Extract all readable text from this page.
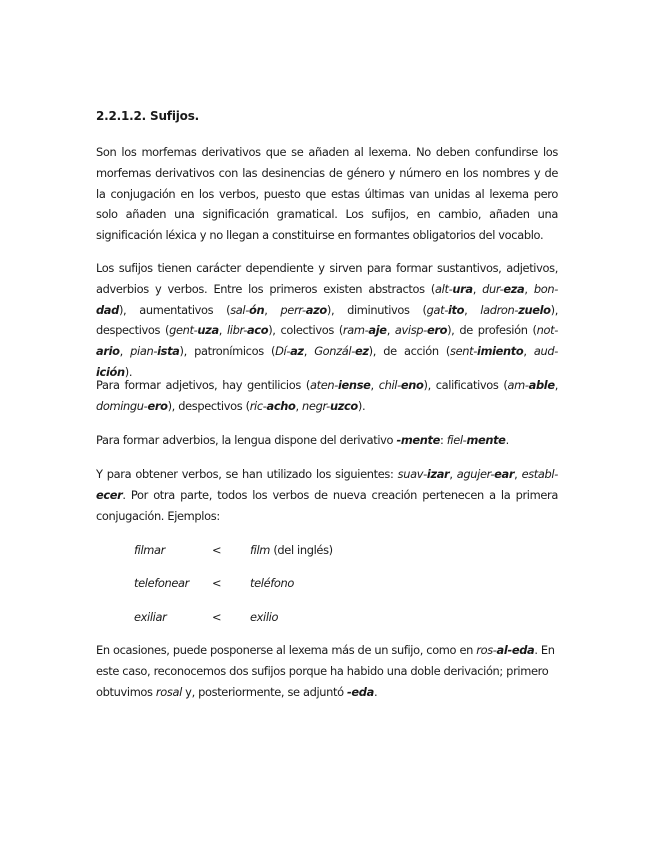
2.2.1.2. Sufijos.

Son los morfemas derivativos que se añaden al lexema. No deben confundirse los morfemas derivativos con las desinencias de género y número en los nombres y de la conjugación en los verbos, puesto que estas últimas van unidas al lexema pero solo añaden una significación gramatical. Los sufijos, en cambio, añaden una significación léxica y no llegan a constituirse en formantes obligatorios del vocablo.

Los sufijos tienen carácter dependiente y sirven para formar sustantivos, adjetivos, adverbios y verbos. Entre los primeros existen abstractos (alt-ura, dur-eza, bon-dad), aumentativos (sal-ón, perr-azo), diminutivos (gat-ito, ladron-zuelo), despectivos (gent-uza, libr-aco), colectivos (ram-aje, avisp-ero), de profesión (not-ario, pian-ista), patronímicos (Dí-az, Gonzál-ez), de acción (sent-imiento, aud-ición).

Para formar adjetivos, hay gentilicios (aten-iense, chil-eno), calificativos (am-able, domingu-ero), despectivos (ric-acho, negr-uzco).

Para formar adverbios, la lengua dispone del derivativo -mente: fiel-mente.

Y para obtener verbos, se han utilizado los siguientes: suav-izar, agujer-ear, establ-ecer. Por otra parte, todos los verbos de nueva creación pertenecen a la primera conjugación. Ejemplos:

filmar	<	film (del inglés)
telefonear <	teléfono
exiliar	<	exilio

En ocasiones, puede posponerse al lexema más de un sufijo, como en ros-al-eda. En este caso, reconocemos dos sufijos porque ha habido una doble derivación; primero obtuvimos rosal y, posteriormente, se adjuntó -eda.
